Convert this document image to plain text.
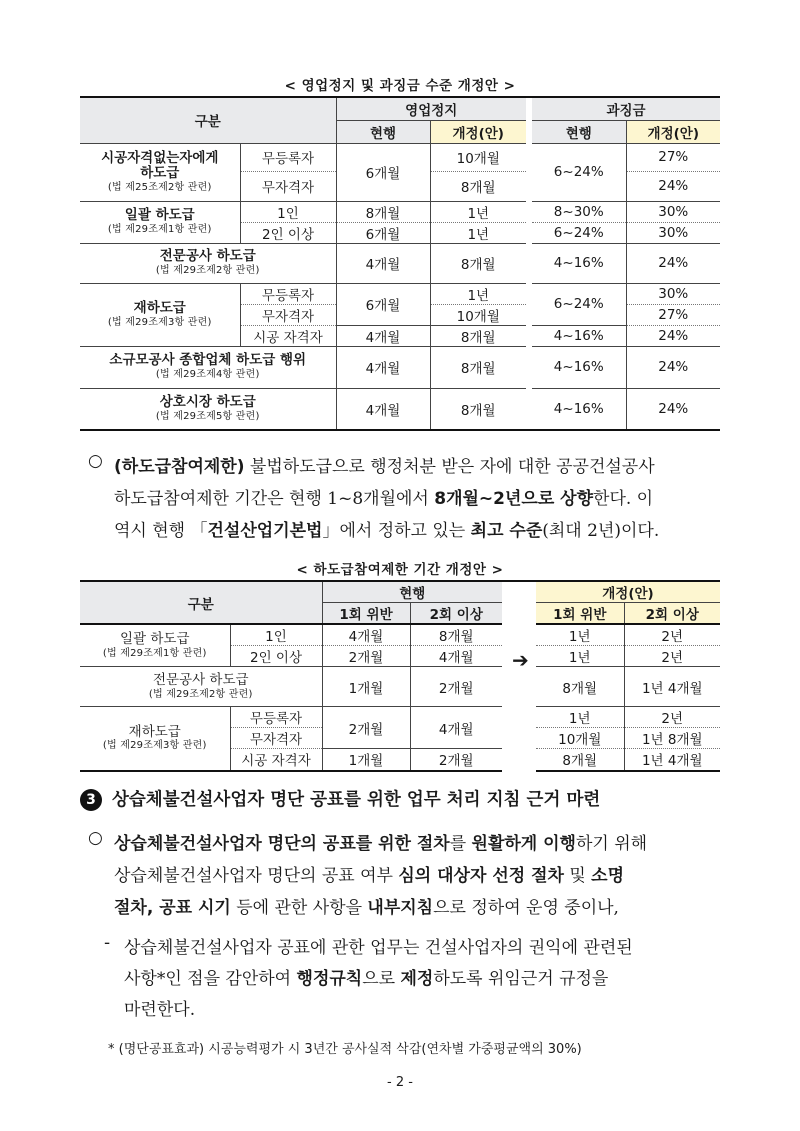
< 영업정지 및 과징금 수준 개정안 >
구분		영업정지			과징금	
		현행	개정(안)		현행	개정(안)
시공자격없는자에게
하도급
(법 제25조제2항 관련)	무등록자	6개월	10개월		6~24%	27%
	무자격자		8개월			24%
일괄 하도급
(법 제29조제1항 관련)	1인	8개월	1년		8~30%	30%
	2인 이상	6개월	1년		6~24%	30%
전문공사 하도급
(법 제29조제2항 관련)		4개월	8개월		4~16%	24%
재하도급
(법 제29조제3항 관련)	무등록자	6개월	1년		6~24%	30%
	무자격자		10개월			27%
	시공 자격자	4개월	8개월		4~16%	24%
소규모공사 종합업체 하도급 행위
(법 제29조제4항 관련)		4개월	8개월		4~16%	24%
상호시장 하도급
(법 제29조제5항 관련)		4개월	8개월		4~16%	24%
○ (하도급참여제한) 불법하도급으로 행정처분 받은 자에 대한 공공건설공사
하도급참여제한 기간은 현행 1~8개월에서 8개월~2년으로 상향한다. 이
역시 현행 「건설산업기본법」에서 정하고 있는 최고 수준(최대 2년)이다.
< 하도급참여제한 기간 개정안 >
구분		현행			개정(안)	
		1회 위반	2회 이상		1회 위반	2회 이상
일괄 하도급
(법 제29조제1항 관련)	1인	4개월	8개월		1년	2년
	2인 이상	2개월	4개월		1년	2년
전문공사 하도급
(법 제29조제2항 관련)		1개월	2개월		8개월	1년 4개월
재하도급
(법 제29조제3항 관련)	무등록자	2개월	4개월		1년	2년
	무자격자				10개월	1년 8개월
	시공 자격자	1개월	2개월		8개월	1년 4개월
➔
3 상습체불건설사업자 명단 공표를 위한 업무 처리 지침 근거 마련
○ 상습체불건설사업자 명단의 공표를 위한 절차를 원활하게 이행하기 위해
상습체불건설사업자 명단의 공표 여부 심의 대상자 선정 절차 및 소명
절차, 공표 시기 등에 관한 사항을 내부지침으로 정하여 운영 중이나,
- 상습체불건설사업자 공표에 관한 업무는 건설사업자의 권익에 관련된
사항*인 점을 감안하여 행정규칙으로 제정하도록 위임근거 규정을
마련한다.
* (명단공표효과) 시공능력평가 시 3년간 공사실적 삭감(연차별 가중평균액의 30%)
- 2 -
